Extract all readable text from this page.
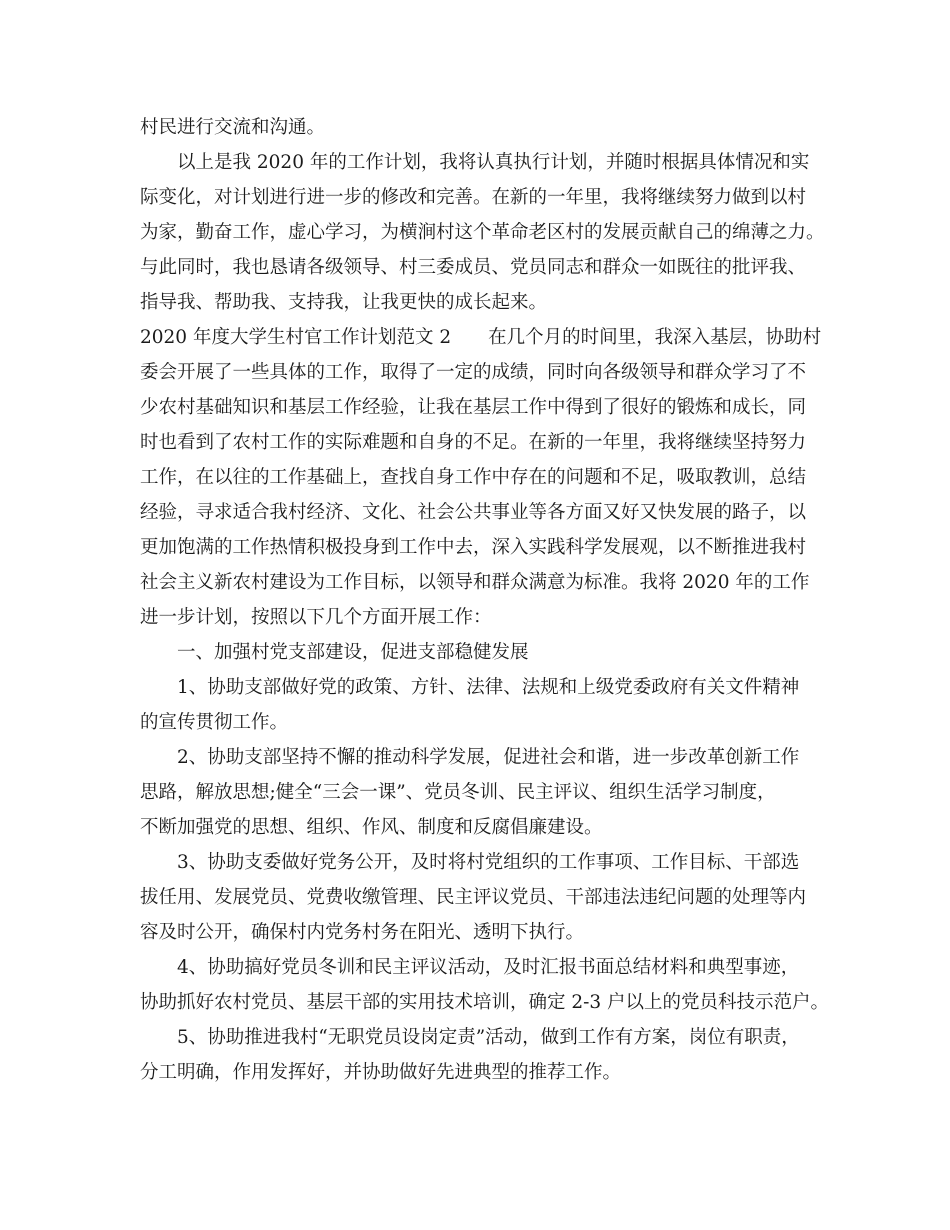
村民进行交流和沟通。
以上是我 2020 年的工作计划，我将认真执行计划，并随时根据具体情况和实
际变化，对计划进行进一步的修改和完善。在新的一年里，我将继续努力做到以村
为家，勤奋工作，虚心学习，为横涧村这个革命老区村的发展贡献自己的绵薄之力。
与此同时，我也恳请各级领导、村三委成员、党员同志和群众一如既往的批评我、
指导我、帮助我、支持我，让我更快的成长起来。
2020 年度大学生村官工作计划范文 2　　在几个月的时间里，我深入基层，协助村
委会开展了一些具体的工作，取得了一定的成绩，同时向各级领导和群众学习了不
少农村基础知识和基层工作经验，让我在基层工作中得到了很好的锻炼和成长，同
时也看到了农村工作的实际难题和自身的不足。在新的一年里，我将继续坚持努力
工作，在以往的工作基础上，查找自身工作中存在的问题和不足，吸取教训，总结
经验，寻求适合我村经济、文化、社会公共事业等各方面又好又快发展的路子，以
更加饱满的工作热情积极投身到工作中去，深入实践科学发展观，以不断推进我村
社会主义新农村建设为工作目标，以领导和群众满意为标准。我将 2020 年的工作
进一步计划，按照以下几个方面开展工作：
一、加强村党支部建设，促进支部稳健发展
1、协助支部做好党的政策、方针、法律、法规和上级党委政府有关文件精神
的宣传贯彻工作。
2、协助支部坚持不懈的推动科学发展，促进社会和谐，进一步改革创新工作
思路，解放思想;健全“三会一课”、党员冬训、民主评议、组织生活学习制度，
不断加强党的思想、组织、作风、制度和反腐倡廉建设。
3、协助支委做好党务公开，及时将村党组织的工作事项、工作目标、干部选
拔任用、发展党员、党费收缴管理、民主评议党员、干部违法违纪问题的处理等内
容及时公开，确保村内党务村务在阳光、透明下执行。
4、协助搞好党员冬训和民主评议活动，及时汇报书面总结材料和典型事迹，
协助抓好农村党员、基层干部的实用技术培训，确定 2-3 户以上的党员科技示范户。
5、协助推进我村“无职党员设岗定责”活动，做到工作有方案，岗位有职责，
分工明确，作用发挥好，并协助做好先进典型的推荐工作。
